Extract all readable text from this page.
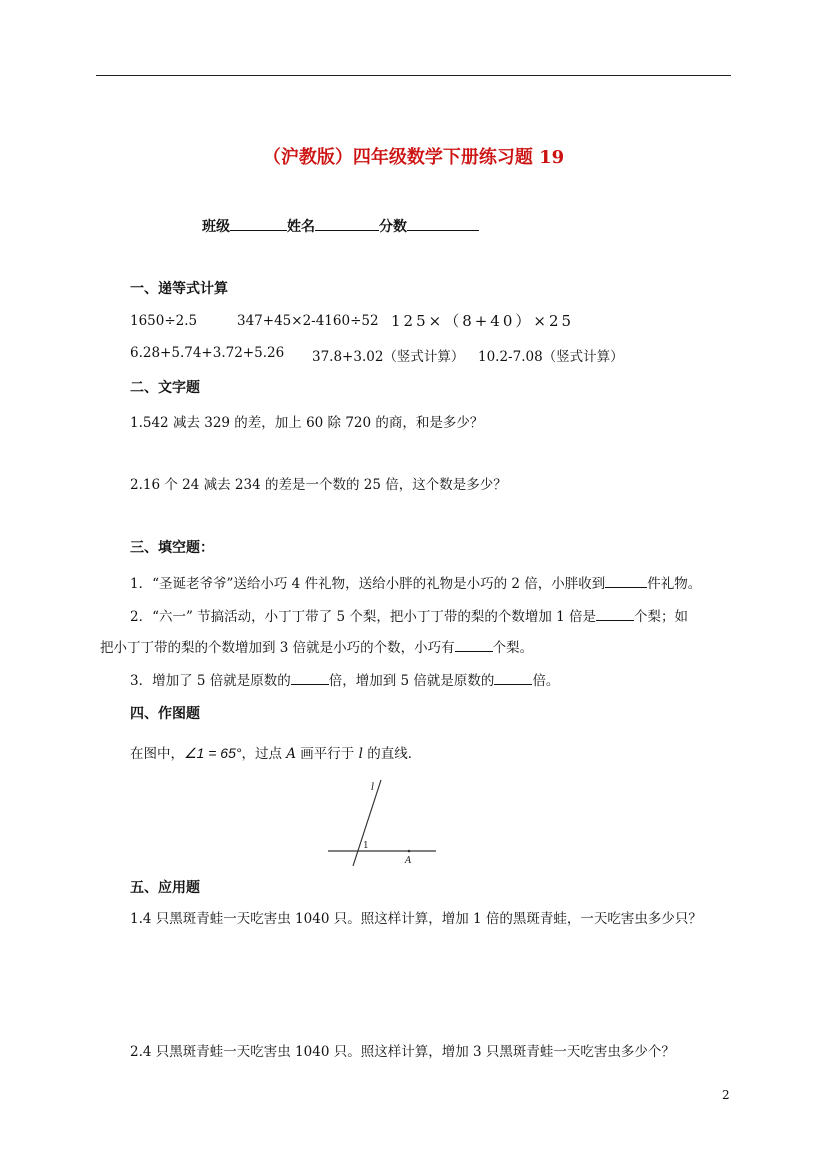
（沪教版）四年级数学下册练习题 19
班级	姓名	分数
一、递等式计算
1650÷2.5	347+45×2-4160÷52 125×（8+40）×25
6.28+5.74+3.72+5.26 37.8+3.02（竖式计算） 10.2-7.08（竖式计算）
二、文字题
1.542 减去 329 的差，加上 60 除 720 的商，和是多少？
2.16 个 24 减去 234 的差是一个数的 25 倍，这个数是多少？
三、填空题：
1．“圣诞老爷爷”送给小巧 4 件礼物，送给小胖的礼物是小巧的 2 倍，小胖收到	件礼物。
2．“六一” 节搞活动，小丁丁带了 5 个梨，把小丁丁带的梨的个数增加 1 倍是	个梨；如
把小丁丁带的梨的个数增加到 3 倍就是小巧的个数，小巧有	个梨。
3．增加了 5 倍就是原数的	倍，增加到 5 倍就是原数的	倍。
四、作图题
在图中，∠1 = 65°，过点 A 画平行于 l 的直线．
l
1
A
五、应用题
1.4 只黑斑青蛙一天吃害虫 1040 只。照这样计算，增加 1 倍的黑斑青蛙，一天吃害虫多少只？
2.4 只黑斑青蛙一天吃害虫 1040 只。照这样计算，增加 3 只黑斑青蛙一天吃害虫多少个？
2
